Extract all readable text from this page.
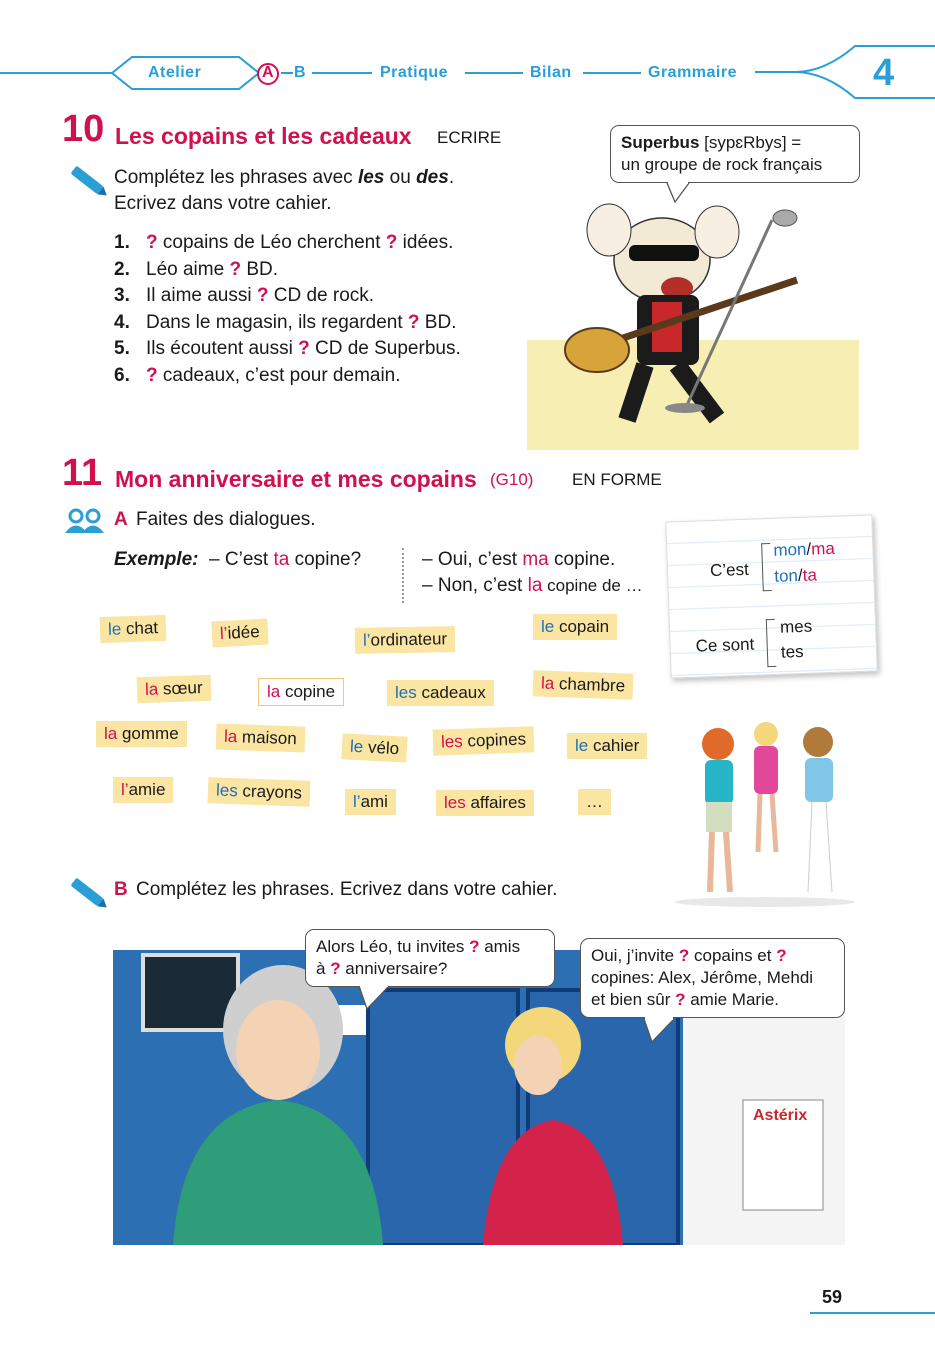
Atelier	A B	Pratique	Bilan	Grammaire	4
10 Les copains et les cadeaux ECRIRE
Complétez les phrases avec les ou des.
Ecrivez dans votre cahier.
1. ? copains de Léo cherchent ? idées.
2. Léo aime ? BD.
3. Il aime aussi ? CD de rock.
4. Dans le magasin, ils regardent ? BD.
5. Ils écoutent aussi ? CD de Superbus.
6. ? cadeaux, c’est pour demain.
Superbus [sypɛRbys] =
un groupe de rock français
11 Mon anniversaire et mes copains (G10) EN FORME
A Faites des dialogues.
Exemple: – C’est ta copine?	– Oui, c’est ma copine.
– Non, c’est la copine de …
C’est
mon/ma
ton/ta
Ce sont
mes
tes
le chat	l’idée	l’ordinateur
le copain
la sœur	la copine	les cadeaux	la chambre
la gomme	la maison	le vélo	les copines	le cahier
l’amie	les crayons	l’ami	les affaires	…
B Complétez les phrases. Ecrivez dans votre cahier.
Astérix
Alors Léo, tu invites ? amis
à ? anniversaire?
Oui, j’invite ? copains et ?
copines: Alex, Jérôme, Mehdi
et bien sûr ? amie Marie.
59
